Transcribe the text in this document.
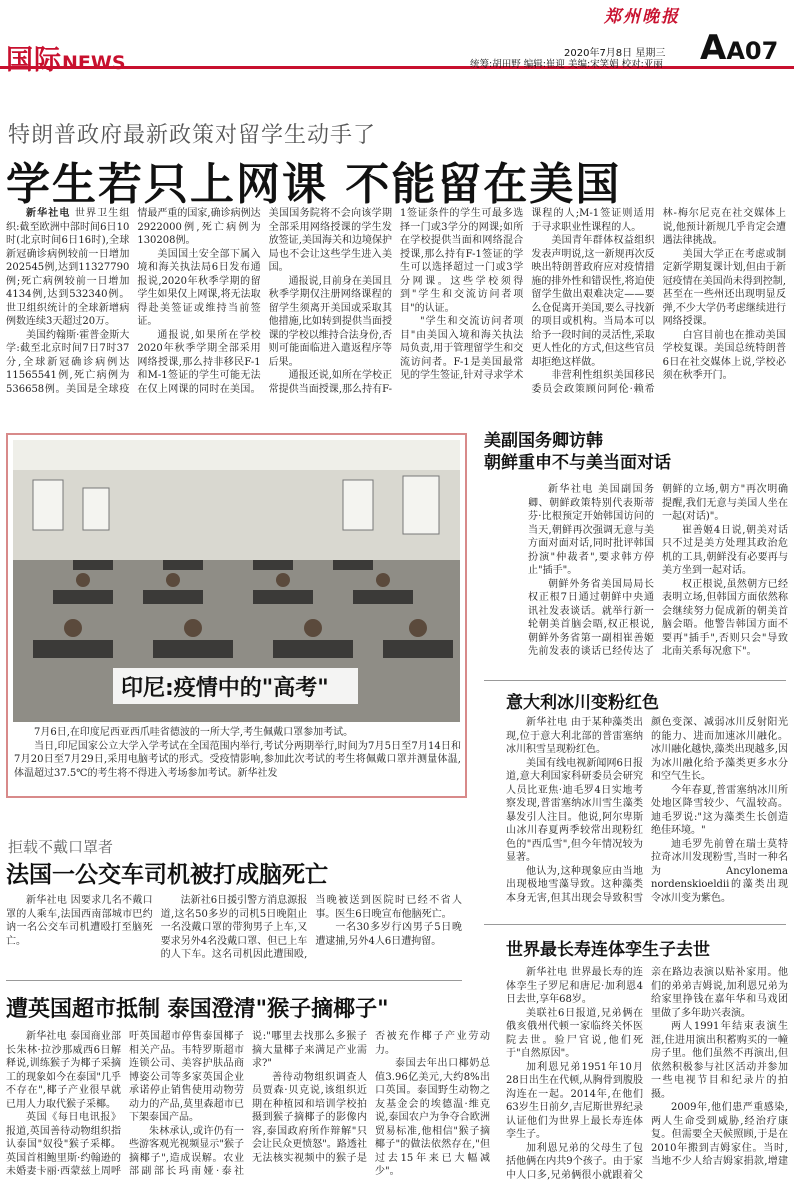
国际NEWS
郑州晚报
2020年7月8日 星期三
统筹:胡田野 编辑:崔迎 美编:宋笑娟 校对:亚丽 AA07
特朗普政府最新政策对留学生动手了
学生若只上网课 不能留在美国

新华社电 世界卫生组织:截至欧洲中部时间6日10时(北京时间6日16时),全球新冠确诊病例较前一日增加202545例,达到11327790例;死亡病例较前一日增加4134例,达到532340例。世卫组织统计的全球新增病例数连续3天超过20万。

美国约翰斯·霍普金斯大学:截至北京时间7日7时37分,全球新冠确诊病例达11565541例,死亡病例为536658例。美国是全球疫情最严重的国家,确诊病例达2922000例,死亡病例为130208例。

美国国土安全部下属入境和海关执法局6日发布通报说,2020年秋季学期的留学生如果仅上网课,将无法取得赴美签证或维持当前签证。

通报说,如果所在学校2020年秋季学期全部采用网络授课,那么持非移民F-1和M-1签证的学生可能无法在仅上网课的同时在美国。美国国务院将不会向该学期全部采用网络授课的学生发放签证,美国海关和边境保护局也不会让这些学生进入美国。

通报说,目前身在美国且秋季学期仅注册网络课程的留学生须离开美国或采取其他措施,比如转到提供当面授课的学校以维持合法身份,否则可能面临进入遣返程序等后果。

通报还说,如所在学校正常提供当面授课,那么持有F-1签证条件的学生可最多选择一门或3学分的网课;如所在学校提供当面和网络混合授课,那么持有F-1签证的学生可以选择超过一门或3学分网课。这些学校须得到"学生和交流访问者项目"的认证。

"学生和交流访问者项目"由美国入境和海关执法局负责,用于管理留学生和交流访问者。F-1是美国最常见的学生签证,针对寻求学术课程的人;M-1签证则适用于寻求职业性课程的人。

美国青年群体权益组织发表声明说,这一新规再次反映出特朗普政府应对疫情措施的排外性和错误性,将迫使留学生做出艰难决定——要么仓促离开美国,要么寻找新的项目或机构。当局本可以给予一段时间的灵活性,采取更人性化的方式,但这些官员却拒绝这样做。

非营利性组织美国移民委员会政策顾问阿伦·赖希林-梅尔尼克在社交媒体上说,他预计新规几乎肯定会遭遇法律挑战。

美国大学正在考虑或制定新学期复课计划,但由于新冠疫情在美国尚未得到控制,甚至在一些州还出现明显反弹,不少大学仍考虑继续进行网络授课。

白宫目前也在推动美国学校复课。美国总统特朗普6日在社交媒体上说,学校必须在秋季开门。

印尼:疫情中的"高考"

7月6日,在印度尼西亚西爪哇省德波的一所大学,考生佩戴口罩参加考试。

当日,印尼国家公立大学入学考试在全国范围内举行,考试分两期举行,时间为7月5日至7月14日和7月20日至7月29日,采用电脑考试的形式。受疫情影响,参加此次考试的考生将佩戴口罩并测量体温,体温超过37.5℃的考生将不得进入考场参加考试。新华社发

美副国务卿访韩
朝鲜重申不与美当面对话

新华社电 美国副国务卿、朝鲜政策特别代表斯蒂芬·比根预定开始韩国访问的当天,朝鲜再次强调无意与美方面对面对话,同时批评韩国扮演"仲裁者",要求韩方停止"插手"。

朝鲜外务省美国局局长权正根7日通过朝鲜中央通讯社发表谈话。就举行新一轮朝美首脑会晤,权正根说,朝鲜外务省第一副相崔善姬先前发表的谈话已经传达了朝鲜的立场,朝方"再次明确提醒,我们无意与美国人坐在一起(对话)"。

崔善姬4日说,朝美对话只不过是美方处理其政治危机的工具,朝鲜没有必要再与美方坐到一起对话。

权正根说,虽然朝方已经表明立场,但韩国方面依然称会继续努力促成新的朝美首脑会晤。他警告韩国方面不要再"插手",否则只会"导致北南关系每况愈下"。

意大利冰川变粉红色

新华社电 由于某种藻类出现,位于意大利北部的普雷塞纳冰川积雪呈现粉红色。

美国有线电视新闻网6日报道,意大利国家科研委员会研究人员比亚焦·迪毛罗4日实地考察发现,普雷塞纳冰川雪生藻类暴发引人注目。他说,阿尔卑斯山冰川春夏两季较常出现粉红色的"西瓜雪",但今年情况较为显著。

他认为,这种现象应由当地出现极地雪藻导致。这种藻类本身无害,但其出现会导致积雪颜色变深、减弱冰川反射阳光的能力、进而加速冰川融化。冰川融化越快,藻类出现越多,因为冰川融化给予藻类更多水分和空气生长。

今年春夏,普雷塞纳冰川所处地区降雪较少、气温较高。迪毛罗说:"这为藻类生长创造绝佳环境。"

迪毛罗先前曾在瑞士莫特拉奇冰川发现粉雪,当时一种名为Ancylonema nordenskioeldii的藻类出现令冰川变为紫色。

拒载不戴口罩者
法国一公交车司机被打成脑死亡

新华社电 因要求几名不戴口罩的人乘车,法国西南部城市巴约讷一名公交车司机遭殴打至脑死亡。

法新社6日援引警方消息源报道,这名50多岁的司机5日晚阻止一名没戴口罩的带狗男子上车,又要求另外4名没戴口罩、但已上车的人下车。这名司机因此遭围殴,当晚被送到医院时已经不省人事。医生6日晚宣布他脑死亡。

一名30多岁行凶男子5日晚遭逮捕,另外4人6日遭拘留。	世界最长寿连体孪生子去世

新华社电 世界最长寿的连体孪生子罗尼和唐尼·加利恩4日去世,享年68岁。

美联社6日报道,兄弟俩在俄亥俄州代顿一家临终关怀医院去世。验尸官说,他们死于"自然原因"。

加利恩兄弟1951年10月28日出生在代顿,从胸骨到腹股沟连在一起。2014年,在他们63岁生日前夕,吉尼斯世界纪录认证他们为世界上最长寿连体孪生子。

加利恩兄弟的父母生了包括他俩在内共9个孩子。由于家中人口多,兄弟俩很小就跟着父亲在路边表演以贴补家用。他们的弟弟吉姆说,加利恩兄弟为给家里挣钱在嘉年华和马戏团里做了多年助兴表演。

两人1991年结束表演生涯,住进用演出积蓄购买的一幢房子里。他们虽然不再演出,但依然积极参与社区活动并参加一些电视节目和纪录片的拍摄。

2009年,他们患严重感染,两人生命受到威胁,经治疗康复。但需要全天候照顾,于是在2010年搬到吉姆家住。当时,当地不少人给吉姆家捐款,增建

遭英国超市抵制 泰国澄清"猴子摘椰子"

新华社电 泰国商业部长朱林·拉沙那威西6日解释说,训练猴子为椰子采摘工的现象如今在泰国"几乎不存在",椰子产业很早就已用人力取代猴子采椰。

英国《每日电讯报》报道,英国善待动物组织指认泰国"奴役"猴子采椰。英国首相鲍里斯·约翰逊的未婚妻卡丽·西蒙兹上周呼吁英国超市停售泰国椰子相关产品。韦特罗斯超市连锁公司、美容护肤品商博姿公司等多家英国企业承诺停止销售使用动物劳动力的产品,莫里森超市已下架泰国产品。

朱林承认,或许仍有一些游客观光视频显示"猴子摘椰子",造成误解。农业部副部长玛南娅·泰社说:"哪里去找那么多猴子摘大量椰子来满足产业需求?"

善待动物组织调查人员贾森·贝克说,该组织近期在种植园和培训学校拍摄到猴子摘椰子的影像内容,泰国政府所作辩解"只会让民众更愤怒"。路透社无法核实视频中的猴子是否被充作椰子产业劳动力。

泰国去年出口椰奶总值3.96亿美元,大约8%出口英国。泰国野生动物之友基金会的埃德温·维克说,泰国农户为争夺合欧洲贸易标准,他相信"猴子摘椰子"的做法依然存在,"但过去15年来已大幅减少"。
